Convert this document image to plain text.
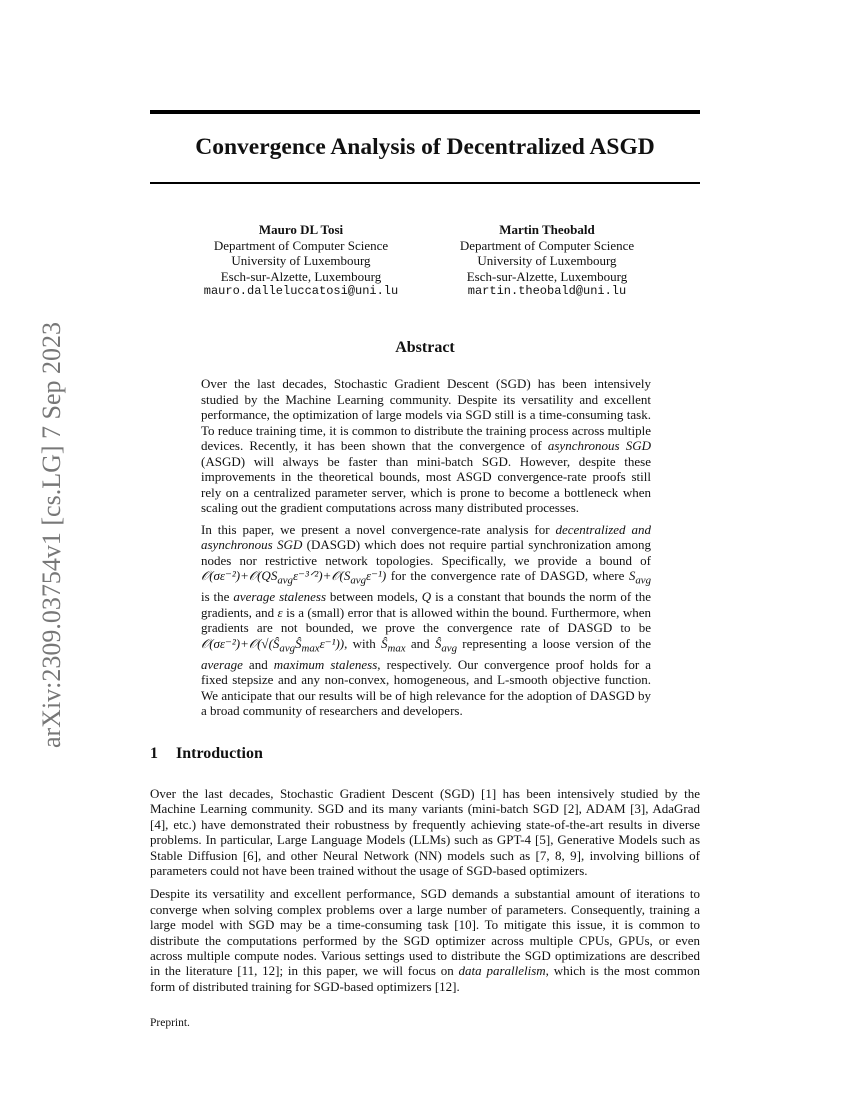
Convergence Analysis of Decentralized ASGD
arXiv:2309.03754v1 [cs.LG] 7 Sep 2023
Mauro DL Tosi
Department of Computer Science
University of Luxembourg
Esch-sur-Alzette, Luxembourg
mauro.dalleluccatosi@uni.lu
Martin Theobald
Department of Computer Science
University of Luxembourg
Esch-sur-Alzette, Luxembourg
martin.theobald@uni.lu
Abstract

Over the last decades, Stochastic Gradient Descent (SGD) has been intensively studied by the Machine Learning community. Despite its versatility and excellent performance, the optimization of large models via SGD still is a time-consuming task. To reduce training time, it is common to distribute the training process across multiple devices. Recently, it has been shown that the convergence of asynchronous SGD (ASGD) will always be faster than mini-batch SGD. However, despite these improvements in the theoretical bounds, most ASGD convergence-rate proofs still rely on a centralized parameter server, which is prone to become a bottleneck when scaling out the gradient computations across many distributed processes.

In this paper, we present a novel convergence-rate analysis for decentralized and asynchronous SGD (DASGD) which does not require partial synchronization among nodes nor restrictive network topologies. Specifically, we provide a bound of $𝒪(\sigma\varepsilon^{-2})+𝒪(QS_{avg}\varepsilon^{-3}ᐟ^2)+𝒪(S_{avg}\varepsilon^{-1})$ for the convergence rate of DASGD, where $S_{avg}$ is the average staleness between models, Q is a constant that bounds the norm of the gradients, and ε is a (small) error that is allowed within the bound. Furthermore, when gradients are not bounded, we prove the convergence rate of DASGD to be $𝒪(\sigma\varepsilon^{-2})+𝒪(√(Ŝ_{avg}Ŝ_{max}\varepsilon^{-1}))$, with $Ŝ_{max}$ and $Ŝ_{avg}$ representing a loose version of the average and maximum staleness, respectively. Our convergence proof holds for a fixed stepsize and any non-convex, homogeneous, and L-smooth objective function. We anticipate that our results will be of high relevance for the adoption of DASGD by a broad community of researchers and developers.

1 Introduction

Over the last decades, Stochastic Gradient Descent (SGD) [1] has been intensively studied by the Machine Learning community. SGD and its many variants (mini-batch SGD [2], ADAM [3], AdaGrad [4], etc.) have demonstrated their robustness by frequently achieving state-of-the-art results in diverse problems. In particular, Large Language Models (LLMs) such as GPT-4 [5], Generative Models such as Stable Diffusion [6], and other Neural Network (NN) models such as [7, 8, 9], involving billions of parameters could not have been trained without the usage of SGD-based optimizers.

Despite its versatility and excellent performance, SGD demands a substantial amount of iterations to converge when solving complex problems over a large number of parameters. Consequently, training a large model with SGD may be a time-consuming task [10]. To mitigate this issue, it is common to distribute the computations performed by the SGD optimizer across multiple CPUs, GPUs, or even across multiple compute nodes. Various settings used to distribute the SGD optimizations are described in the literature [11, 12]; in this paper, we will focus on data parallelism, which is the most common form of distributed training for SGD-based optimizers [12].

Preprint.
